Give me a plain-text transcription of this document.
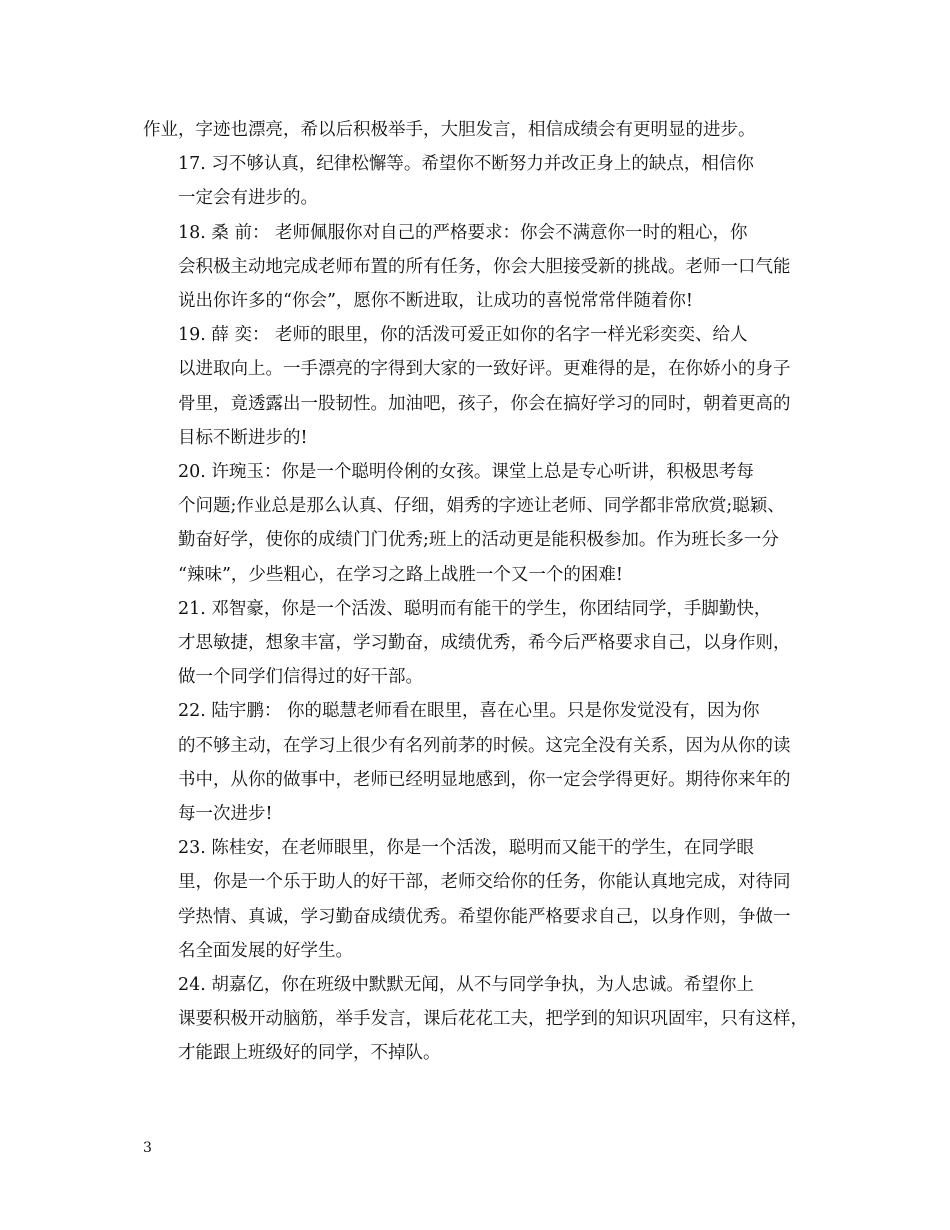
作业，字迹也漂亮，希以后积极举手，大胆发言，相信成绩会有更明显的进步。

17. 习不够认真，纪律松懈等。希望你不断努力并改正身上的缺点，相信你
一定会有进步的。

18. 桑 前： 老师佩服你对自己的严格要求：你会不满意你一时的粗心，你
会积极主动地完成老师布置的所有任务，你会大胆接受新的挑战。老师一口气能
说出你许多的“你会”，愿你不断进取，让成功的喜悦常常伴随着你!

19. 薛 奕： 老师的眼里，你的活泼可爱正如你的名字一样光彩奕奕、给人
以进取向上。一手漂亮的字得到大家的一致好评。更难得的是，在你娇小的身子
骨里，竟透露出一股韧性。加油吧，孩子，你会在搞好学习的同时，朝着更高的
目标不断进步的!

20. 许琬玉：你是一个聪明伶俐的女孩。课堂上总是专心听讲，积极思考每
个问题;作业总是那么认真、仔细，娟秀的字迹让老师、同学都非常欣赏;聪颖、
勤奋好学，使你的成绩门门优秀;班上的活动更是能积极参加。作为班长多一分
“辣味”，少些粗心，在学习之路上战胜一个又一个的困难!

21. 邓智豪，你是一个活泼、聪明而有能干的学生，你团结同学，手脚勤快，
才思敏捷，想象丰富，学习勤奋，成绩优秀，希今后严格要求自己，以身作则，
做一个同学们信得过的好干部。

22. 陆宇鹏： 你的聪慧老师看在眼里，喜在心里。只是你发觉没有，因为你
的不够主动，在学习上很少有名列前茅的时候。这完全没有关系，因为从你的读
书中，从你的做事中，老师已经明显地感到，你一定会学得更好。期待你来年的
每一次进步!

23. 陈桂安，在老师眼里，你是一个活泼，聪明而又能干的学生，在同学眼
里，你是一个乐于助人的好干部，老师交给你的任务，你能认真地完成，对待同
学热情、真诚，学习勤奋成绩优秀。希望你能严格要求自己，以身作则，争做一
名全面发展的好学生。

24. 胡嘉亿，你在班级中默默无闻，从不与同学争执，为人忠诚。希望你上
课要积极开动脑筋，举手发言，课后花花工夫，把学到的知识巩固牢，只有这样，
才能跟上班级好的同学，不掉队。

3
